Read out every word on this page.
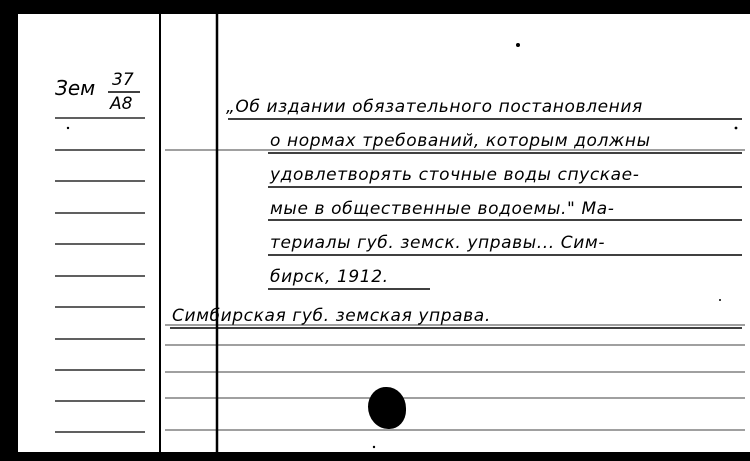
Зем 37
А8	„Об издании обязательного постановления
о нормах требований, которым должны
удовлетворять сточные воды спускае-
мые в общественные водоемы." Ма-
териалы губ. земск. управы... Сим-
бирск, 1912.
Симбирская губ. земская управа.
